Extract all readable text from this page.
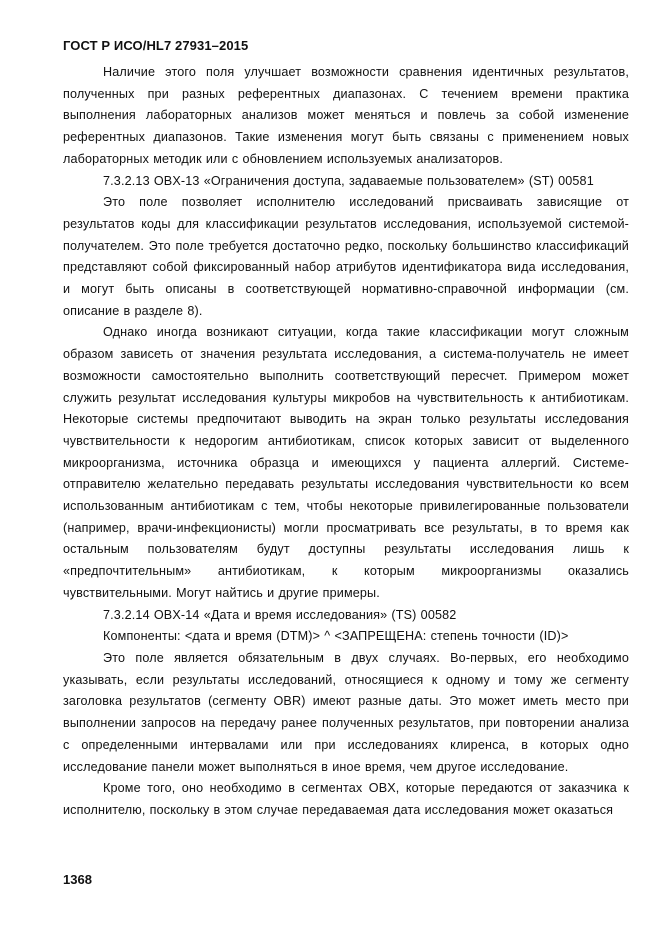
ГОСТ Р ИСО/HL7 27931–2015

Наличие этого поля улучшает возможности сравнения идентичных результатов, полученных при разных референтных диапазонах. С течением времени практика выполнения лабораторных анализов может меняться и повлечь за собой изменение референтных диапазонов. Такие изменения могут быть связаны с применением новых лабораторных методик или с обновлением используемых анализаторов.

7.3.2.13 OBX-13 «Ограничения доступа, задаваемые пользователем» (ST) 00581

Это поле позволяет исполнителю исследований присваивать зависящие от результатов коды для классификации результатов исследования, используемой системой-получателем. Это поле требуется достаточно редко, поскольку большинство классификаций представляют собой фиксированный набор атрибутов идентификатора вида исследования, и могут быть описаны в соответствующей нормативно-справочной информации (см. описание в разделе 8).

Однако иногда возникают ситуации, когда такие классификации могут сложным образом зависеть от значения результата исследования, а система-получатель не имеет возможности самостоятельно выполнить соответствующий пересчет. Примером может служить результат исследования культуры микробов на чувствительность к антибиотикам. Некоторые системы предпочитают выводить на экран только результаты исследования чувствительности к недорогим антибиотикам, список которых зависит от выделенного микроорганизма, источника образца и имеющихся у пациента аллергий. Системе-отправителю желательно передавать результаты исследования чувствительности ко всем использованным антибиотикам с тем, чтобы некоторые привилегированные пользователи (например, врачи-инфекционисты) могли просматривать все результаты, в то время как остальным пользователям будут доступны результаты исследования лишь к «предпочтительным» антибиотикам, к которым микроорганизмы оказались чувствительными. Могут найтись и другие примеры.

7.3.2.14 OBX-14 «Дата и время исследования» (TS) 00582

Компоненты: <дата и время (DTM)> ^ <ЗАПРЕЩЕНА: степень точности (ID)>

Это поле является обязательным в двух случаях. Во-первых, его необходимо указывать, если результаты исследований, относящиеся к одному и тому же сегменту заголовка результатов (сегменту OBR) имеют разные даты. Это может иметь место при выполнении запросов на передачу ранее полученных результатов, при повторении анализа с определенными интервалами или при исследованиях клиренса, в которых одно исследование панели может выполняться в иное время, чем другое исследование.

Кроме того, оно необходимо в сегментах OBX, которые передаются от заказчика к исполнителю, поскольку в этом случае передаваемая дата исследования может оказаться

1368
